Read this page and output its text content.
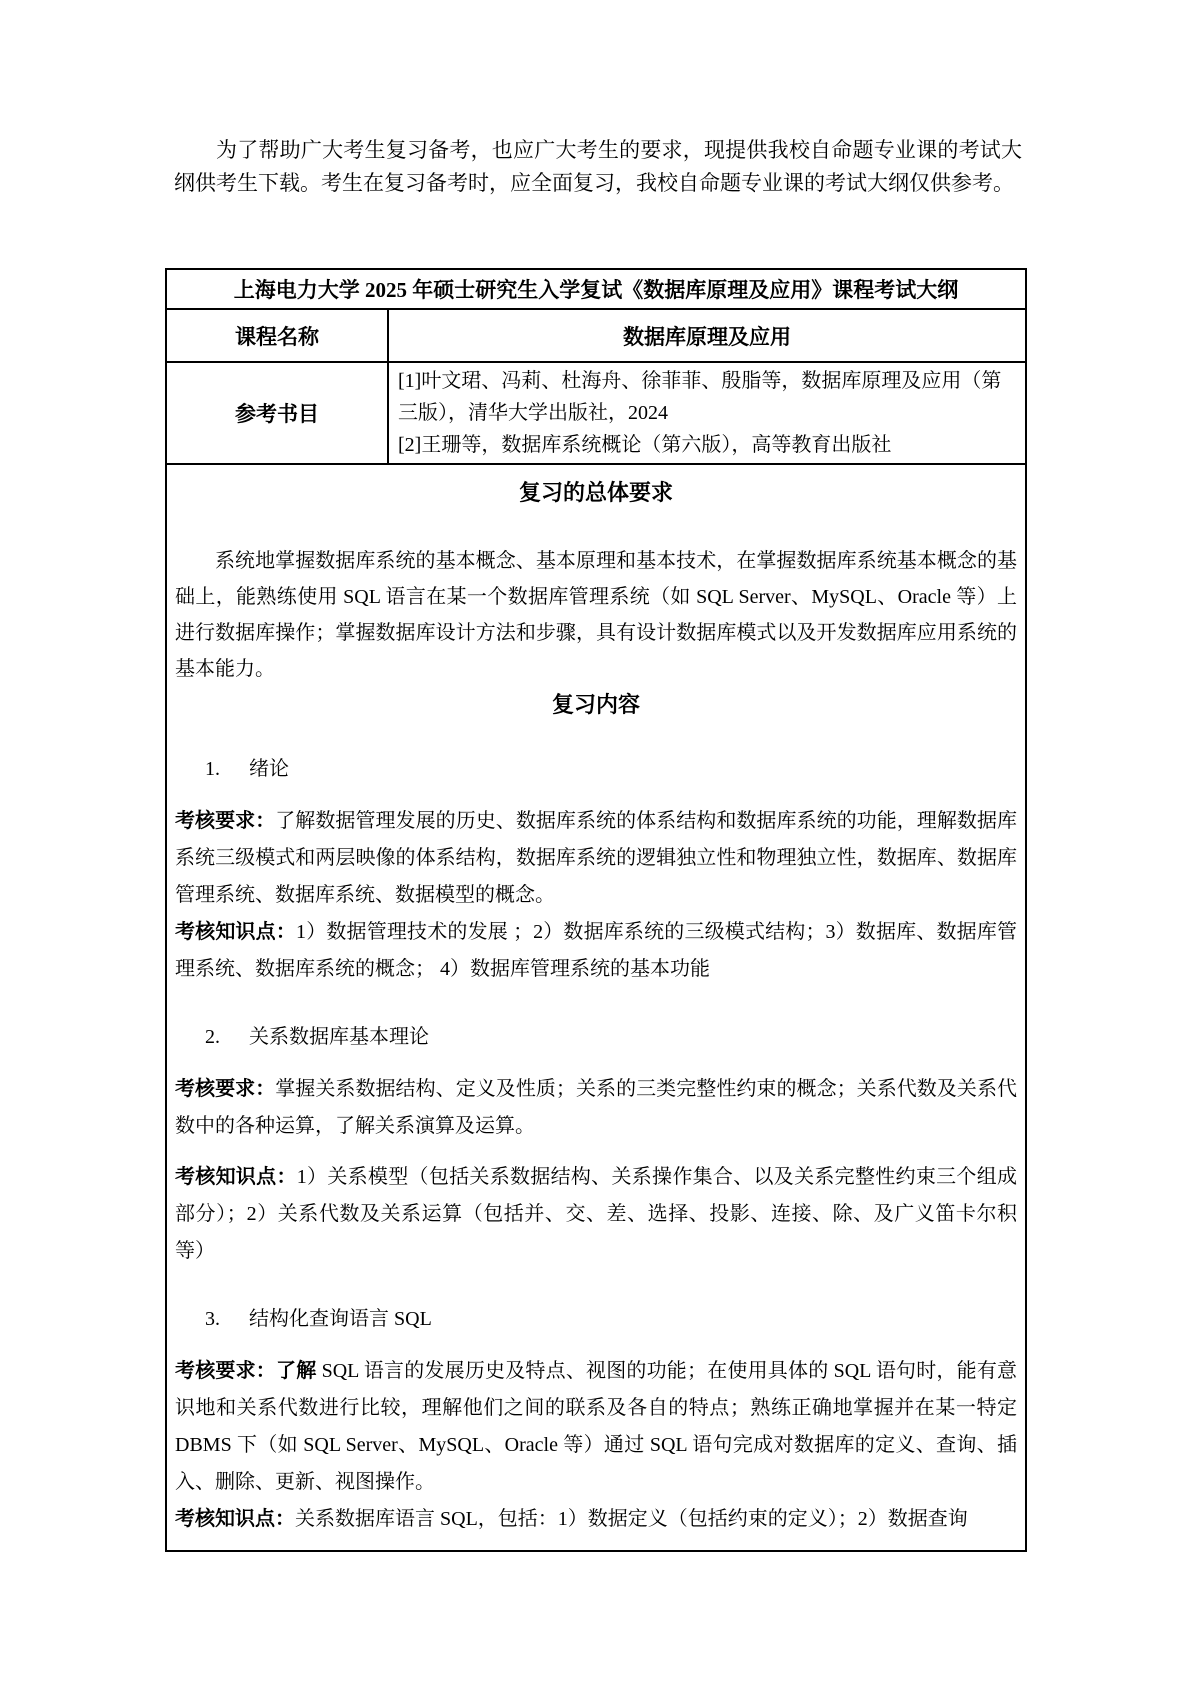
为了帮助广大考生复习备考，也应广大考生的要求，现提供我校自命题专业课的考试大纲供考生下载。考生在复习备考时，应全面复习，我校自命题专业课的考试大纲仅供参考。

上海电力大学 2025 年硕士研究生入学复试《数据库原理及应用》课程考试大纲	
课程名称	数据库原理及应用
参考书目	[1]叶文珺、冯莉、杜海舟、徐菲菲、殷脂等，数据库原理及应用（第三版），清华大学出版社，2024

[2]王珊等，数据库系统概论（第六版），高等教育出版社

复习的总体要求

系统地掌握数据库系统的基本概念、基本原理和基本技术，在掌握数据库系统基本概念的基础上，能熟练使用 SQL 语言在某一个数据库管理系统（如 SQL Server、MySQL、Oracle 等）上进行数据库操作；掌握数据库设计方法和步骤，具有设计数据库模式以及开发数据库应用系统的基本能力。

复习内容
1. 绪论

考核要求：了解数据管理发展的历史、数据库系统的体系结构和数据库系统的功能，理解数据库系统三级模式和两层映像的体系结构，数据库系统的逻辑独立性和物理独立性，数据库、数据库管理系统、数据库系统、数据模型的概念。

考核知识点：1）数据管理技术的发展 ；2）数据库系统的三级模式结构；3）数据库、数据库管理系统、数据库系统的概念； 4）数据库管理系统的基本功能

2. 关系数据库基本理论

考核要求：掌握关系数据结构、定义及性质；关系的三类完整性约束的概念；关系代数及关系代数中的各种运算，了解关系演算及运算。

考核知识点：1）关系模型（包括关系数据结构、关系操作集合、以及关系完整性约束三个组成部分）；2）关系代数及关系运算（包括并、交、差、选择、投影、连接、除、及广义笛卡尔积等）

3. 结构化查询语言 SQL

考核要求：了解 SQL 语言的发展历史及特点、视图的功能；在使用具体的 SQL 语句时，能有意识地和关系代数进行比较，理解他们之间的联系及各自的特点；熟练正确地掌握并在某一特定 DBMS 下（如 SQL Server、MySQL、Oracle 等）通过 SQL 语句完成对数据库的定义、查询、插入、删除、更新、视图操作。

考核知识点：关系数据库语言 SQL，包括：1）数据定义（包括约束的定义）；2）数据查询
